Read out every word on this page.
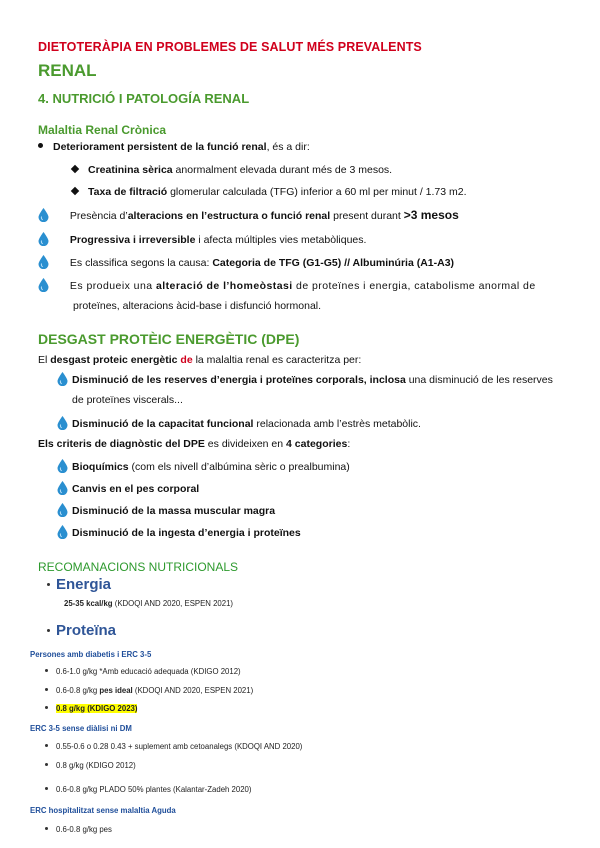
DIETOTERÀPIA EN PROBLEMES DE SALUT MÉS PREVALENTS
RENAL
4. NUTRICIÓ I PATOLOGÍA RENAL
Malaltia Renal Crònica
Deteriorament persistent de la funció renal, és a dir:
Creatinina sèrica anormalment elevada durant més de 3 mesos.
Taxa de filtració glomerular calculada (TFG) inferior a 60 ml per minut / 1.73 m2.
Presència d’alteracions en l’estructura o funció renal present durant >3 mesos
Progressiva i irreversible i afecta múltiples vies metabòliques.
Es classifica segons la causa: Categoria de TFG (G1-G5) // Albuminúria (A1-A3)
Es produeix una alteració de l’homeòstasi de proteïnes i energia, catabolisme anormal de
proteïnes, alteracions àcid-base i disfunció hormonal.
DESGAST PROTÈIC ENERGÈTIC (DPE)
El desgast proteic energètic de la malaltia renal es caracteritza per:
Disminució de les reserves d’energia i proteïnes corporals, inclosa una disminució de les reserves
de proteïnes viscerals...
Disminució de la capacitat funcional relacionada amb l’estrès metabòlic.
Els criteris de diagnòstic del DPE es divideixen en 4 categories:
Bioquímics (com els nivell d’albúmina sèric o prealbumina)
Canvis en el pes corporal
Disminució de la massa muscular magra
Disminució de la ingesta d’energia i proteïnes
RECOMANACIONS NUTRICIONALS
Energia
25-35 kcal/kg (KDOQI AND 2020, ESPEN 2021)
Proteïna
Persones amb diabetis i ERC 3-5
0.6-1.0 g/kg *Amb educació adequada (KDIGO 2012)
0.6-0.8 g/kg pes ideal (KDOQI AND 2020, ESPEN 2021)
0.8 g/kg (KDIGO 2023)
ERC 3-5 sense diàlisi ni DM
0.55-0.6 o 0.28 0.43 + suplement amb cetoanalegs (KDOQI AND 2020)
0.8 g/kg (KDIGO 2012)
0.6-0.8 g/kg PLADO 50% plantes (Kalantar-Zadeh 2020)
ERC hospitalitzat sense malaltia Aguda
0.6-0.8 g/kg pes
